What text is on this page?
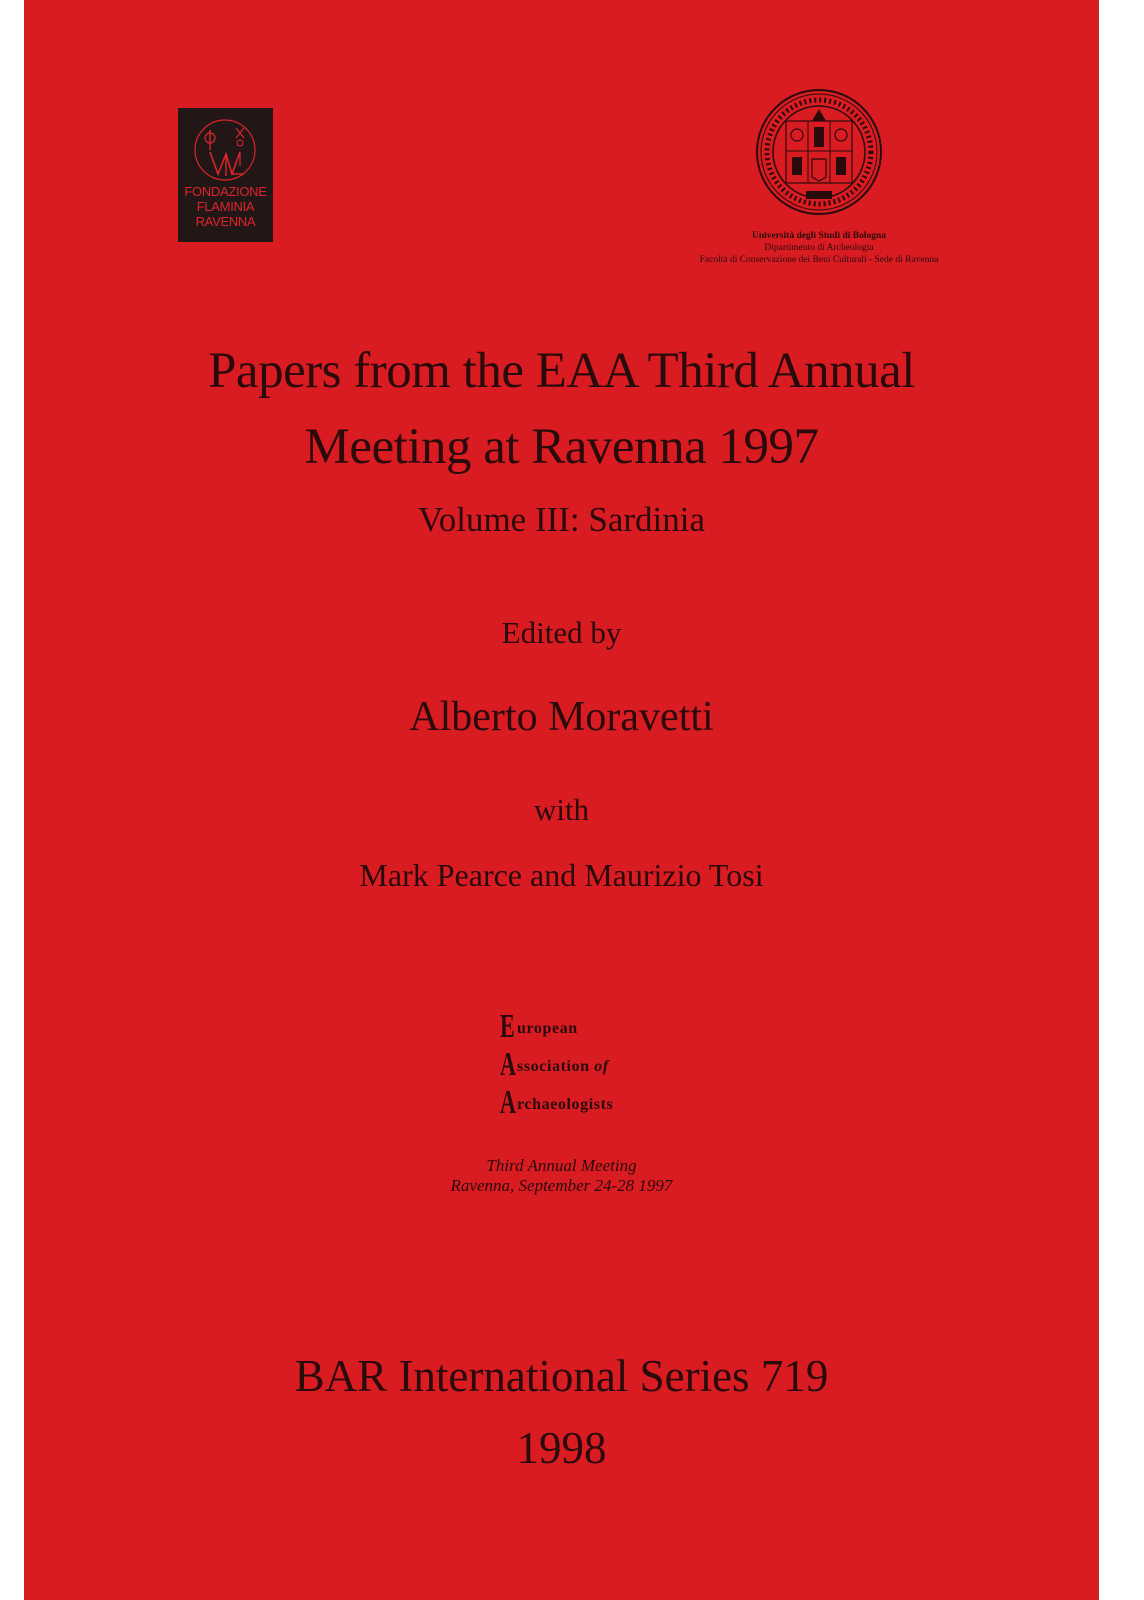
FONDAZIONE
FLAMINIA
RAVENNA
Università degli Studi di Bologna
Dipartimento di Archeologia
Facoltà di Conservazione dei Beni Culturali - Sede di Ravenna
Papers from the EAA Third Annual
Meeting at Ravenna 1997
Volume III: Sardinia
Edited by
Alberto Moravetti
with
Mark Pearce and Maurizio Tosi
E uropean
A ssociation of
A rchaeologists
Third Annual Meeting
Ravenna, September 24-28 1997
BAR International Series 719
1998
